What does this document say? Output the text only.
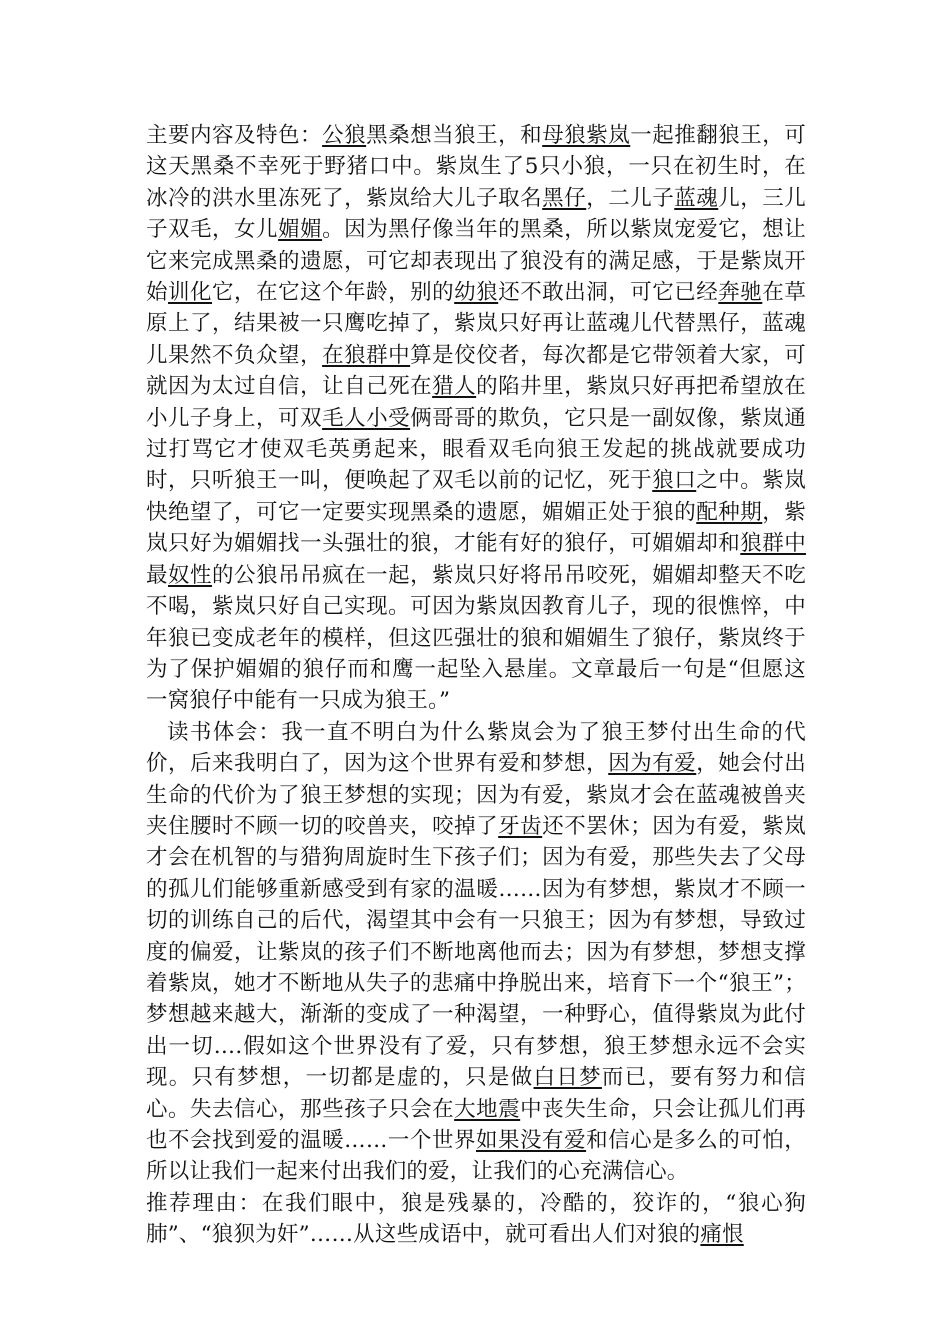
主要内容及特色：公狼黑桑想当狼王，和母狼紫岚一起推翻狼王，可这天黑桑不幸死于野猪口中。紫岚生了5只小狼，一只在初生时，在冰冷的洪水里冻死了，紫岚给大儿子取名黑仔，二儿子蓝魂儿，三儿子双毛，女儿媚媚。因为黑仔像当年的黑桑，所以紫岚宠爱它，想让它来完成黑桑的遗愿，可它却表现出了狼没有的满足感，于是紫岚开始训化它，在它这个年龄，别的幼狼还不敢出洞，可它已经奔驰在草原上了，结果被一只鹰吃掉了，紫岚只好再让蓝魂儿代替黑仔，蓝魂儿果然不负众望，在狼群中算是佼佼者，每次都是它带领着大家，可就因为太过自信，让自己死在猎人的陷井里，紫岚只好再把希望放在小儿子身上，可双毛人小受俩哥哥的欺负，它只是一副奴像，紫岚通过打骂它才使双毛英勇起来，眼看双毛向狼王发起的挑战就要成功时，只听狼王一叫，便唤起了双毛以前的记忆，死于狼口之中。紫岚快绝望了，可它一定要实现黑桑的遗愿，媚媚正处于狼的配种期，紫岚只好为媚媚找一头强壮的狼，才能有好的狼仔，可媚媚却和狼群中最奴性的公狼吊吊疯在一起，紫岚只好将吊吊咬死，媚媚却整天不吃不喝，紫岚只好自己实现。可因为紫岚因教育儿子，现的很憔悴，中年狼已变成老年的模样，但这匹强壮的狼和媚媚生了狼仔，紫岚终于为了保护媚媚的狼仔而和鹰一起坠入悬崖。文章最后一句是“但愿这一窝狼仔中能有一只成为狼王。”

读书体会：我一直不明白为什么紫岚会为了狼王梦付出生命的代价，后来我明白了，因为这个世界有爱和梦想，因为有爱，她会付出生命的代价为了狼王梦想的实现；因为有爱，紫岚才会在蓝魂被兽夹夹住腰时不顾一切的咬兽夹，咬掉了牙齿还不罢休；因为有爱，紫岚才会在机智的与猎狗周旋时生下孩子们；因为有爱，那些失去了父母的孤儿们能够重新感受到有家的温暖……因为有梦想，紫岚才不顾一切的训练自己的后代，渴望其中会有一只狼王；因为有梦想，导致过度的偏爱，让紫岚的孩子们不断地离他而去；因为有梦想，梦想支撑着紫岚，她才不断地从失子的悲痛中挣脱出来，培育下一个“狼王”；梦想越来越大，渐渐的变成了一种渴望，一种野心，值得紫岚为此付出一切….假如这个世界没有了爱，只有梦想，狼王梦想永远不会实现。只有梦想，一切都是虚的，只是做白日梦而已，要有努力和信心。失去信心，那些孩子只会在大地震中丧失生命，只会让孤儿们再也不会找到爱的温暖……一个世界如果没有爱和信心是多么的可怕，所以让我们一起来付出我们的爱，让我们的心充满信心。

推荐理由：在我们眼中，狼是残暴的，冷酷的，狡诈的，“狼心狗肺”、“狼狈为奸”……从这些成语中，就可看出人们对狼的痛恨
